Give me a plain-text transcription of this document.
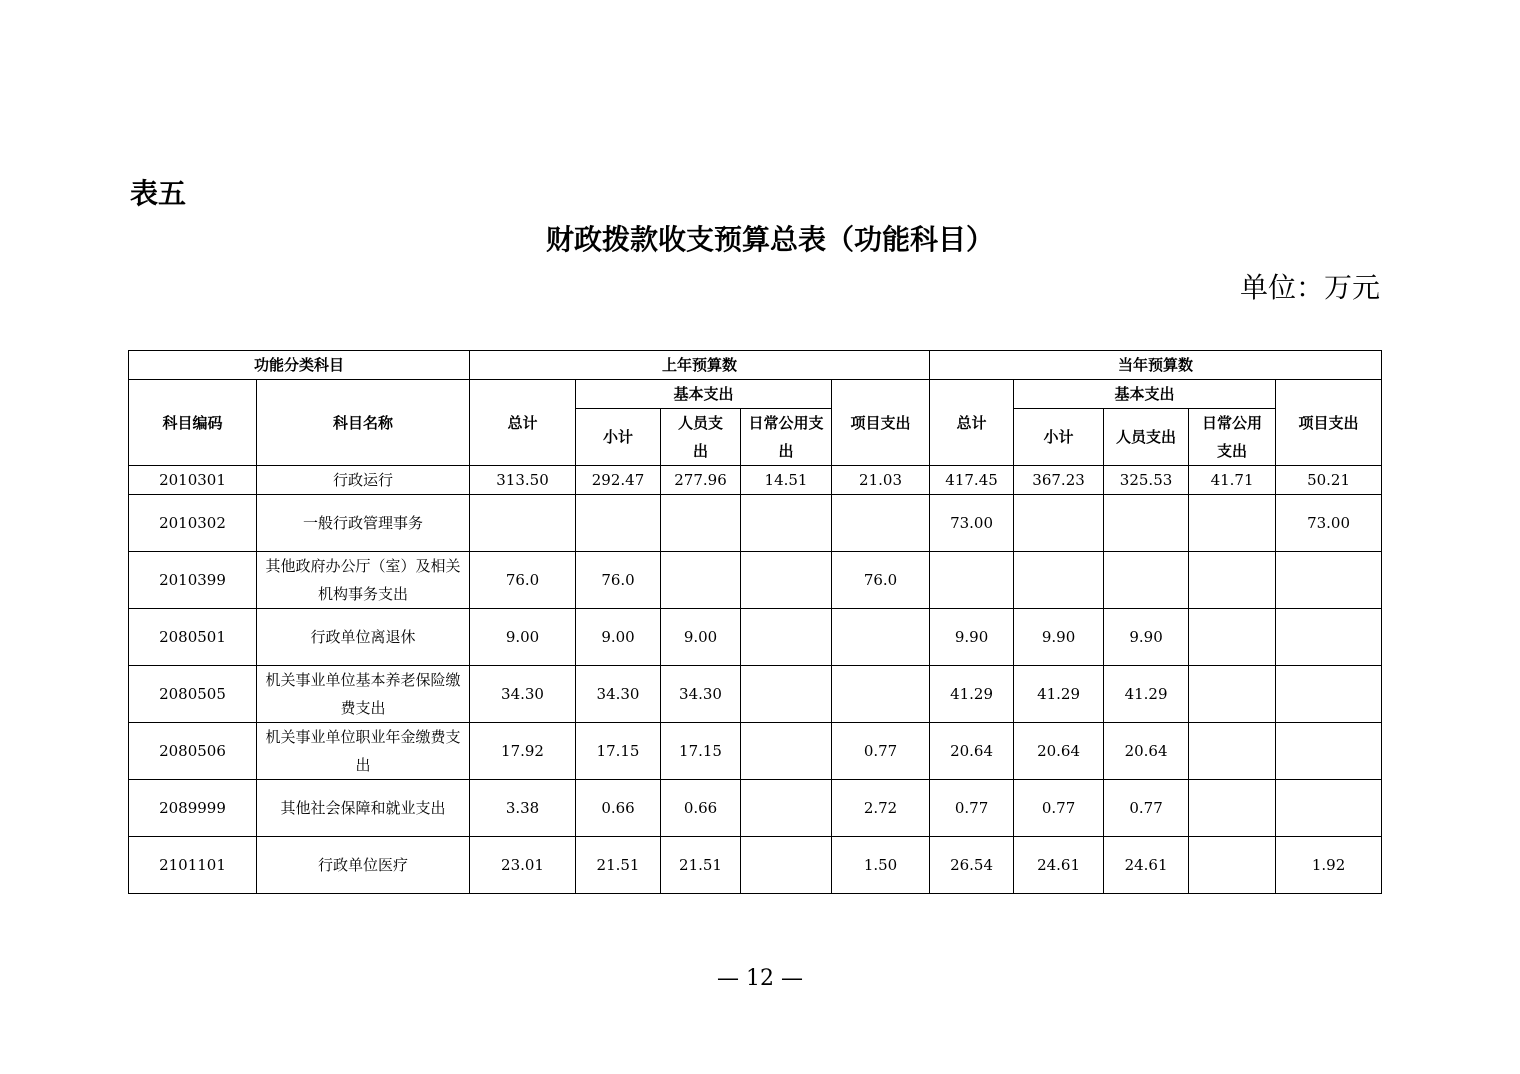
表五
财政拨款收支预算总表（功能科目）
单位：万元
功能分类科目		上年预算数					当年预算数				
科目编码	科目名称	总计	基本支出			项目支出	总计	基本支出			项目支出
			小计	人员支出	日常公用支出			小计	人员支出	日常公用支出	
2010301	行政运行	313.50	292.47	277.96	14.51	21.03	417.45	367.23	325.53	41.71	50.21
2010302	一般行政管理事务						73.00				73.00
2010399	其他政府办公厅（室）及相关机构事务支出	76.0	76.0			76.0					
2080501	行政单位离退休	9.00	9.00	9.00			9.90	9.90	9.90		
2080505	机关事业单位基本养老保险缴费支出	34.30	34.30	34.30			41.29	41.29	41.29		
2080506	机关事业单位职业年金缴费支出	17.92	17.15	17.15		0.77	20.64	20.64	20.64		
2089999	其他社会保障和就业支出	3.38	0.66	0.66		2.72	0.77	0.77	0.77		
2101101	行政单位医疗	23.01	21.51	21.51		1.50	26.54	24.61	24.61		1.92
— 12 —
